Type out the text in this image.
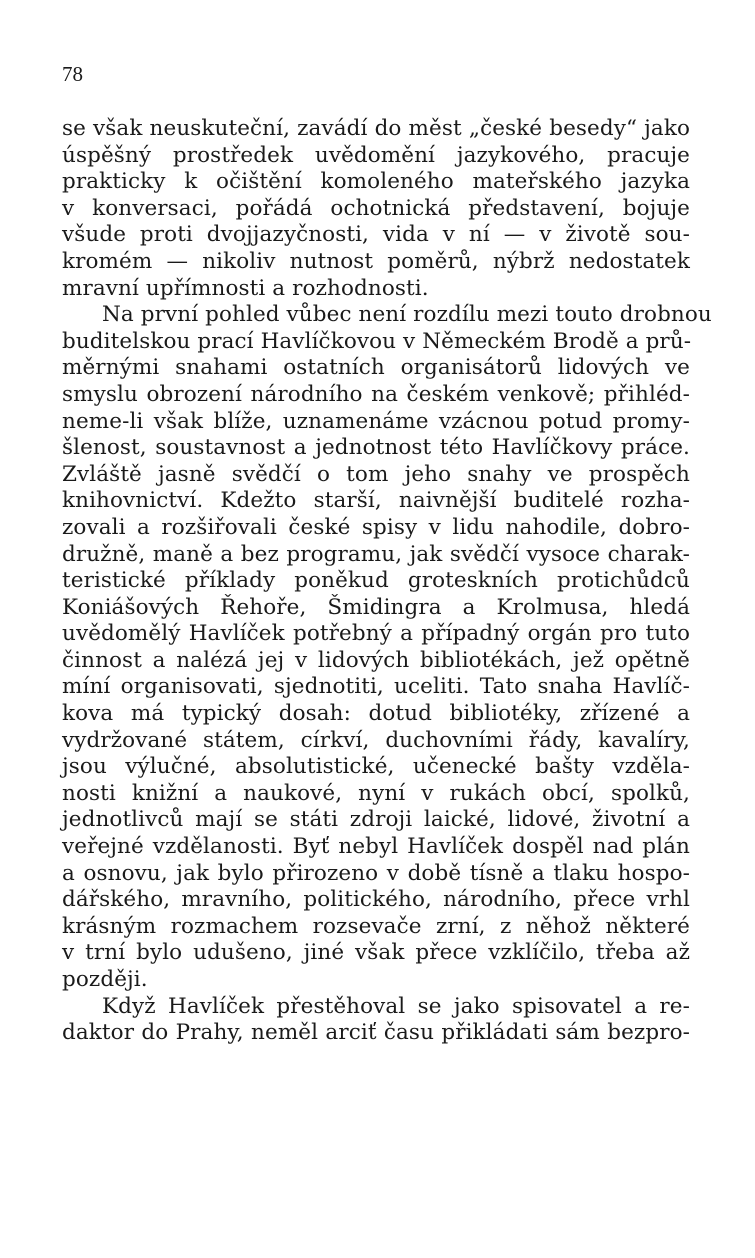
78
se však neuskuteční, zavádí do měst „české besedy“ jako
úspěšný prostředek uvědomění jazykového, pracuje
prakticky k očištění komoleného mateřského jazyka
v konversaci, pořádá ochotnická představení, bojuje
všude proti dvojjazyčnosti, vida v ní — v životě sou-
kromém — nikoliv nutnost poměrů, nýbrž nedostatek
mravní upřímnosti a rozhodnosti.
Na první pohled vůbec není rozdílu mezi touto drobnou
buditelskou prací Havlíčkovou v Německém Brodě a prů-
měrnými snahami ostatních organisátorů lidových ve
smyslu obrození národního na českém venkově; přihléd-
neme-li však blíže, uznamenáme vzácnou potud promy-
šlenost, soustavnost a jednotnost této Havlíčkovy práce.
Zvláště jasně svědčí o tom jeho snahy ve prospěch
knihovnictví. Kdežto starší, naivnější buditelé rozha-
zovali a rozšiřovali české spisy v lidu nahodile, dobro-
družně, maně a bez programu, jak svědčí vysoce charak-
teristické příklady poněkud groteskních protichůdců
Koniášových Řehoře, Šmidingra a Krolmusa, hledá
uvědomělý Havlíček potřebný a případný orgán pro tuto
činnost a nalézá jej v lidových bibliotékách, jež opětně
míní organisovati, sjednotiti, uceliti. Tato snaha Havlíč-
kova má typický dosah: dotud bibliotéky, zřízené a
vydržované státem, církví, duchovními řády, kavalíry,
jsou výlučné, absolutistické, učenecké bašty vzděla-
nosti knižní a naukové, nyní v rukách obcí, spolků,
jednotlivců mají se státi zdroji laické, lidové, životní a
veřejné vzdělanosti. Byť nebyl Havlíček dospěl nad plán
a osnovu, jak bylo přirozeno v době tísně a tlaku hospo-
dářského, mravního, politického, národního, přece vrhl
krásným rozmachem rozsevače zrní, z něhož některé
v trní bylo udušeno, jiné však přece vzklíčilo, třeba až
později.
Když Havlíček přestěhoval se jako spisovatel a re-
daktor do Prahy, neměl arciť času přikládati sám bezpro-
